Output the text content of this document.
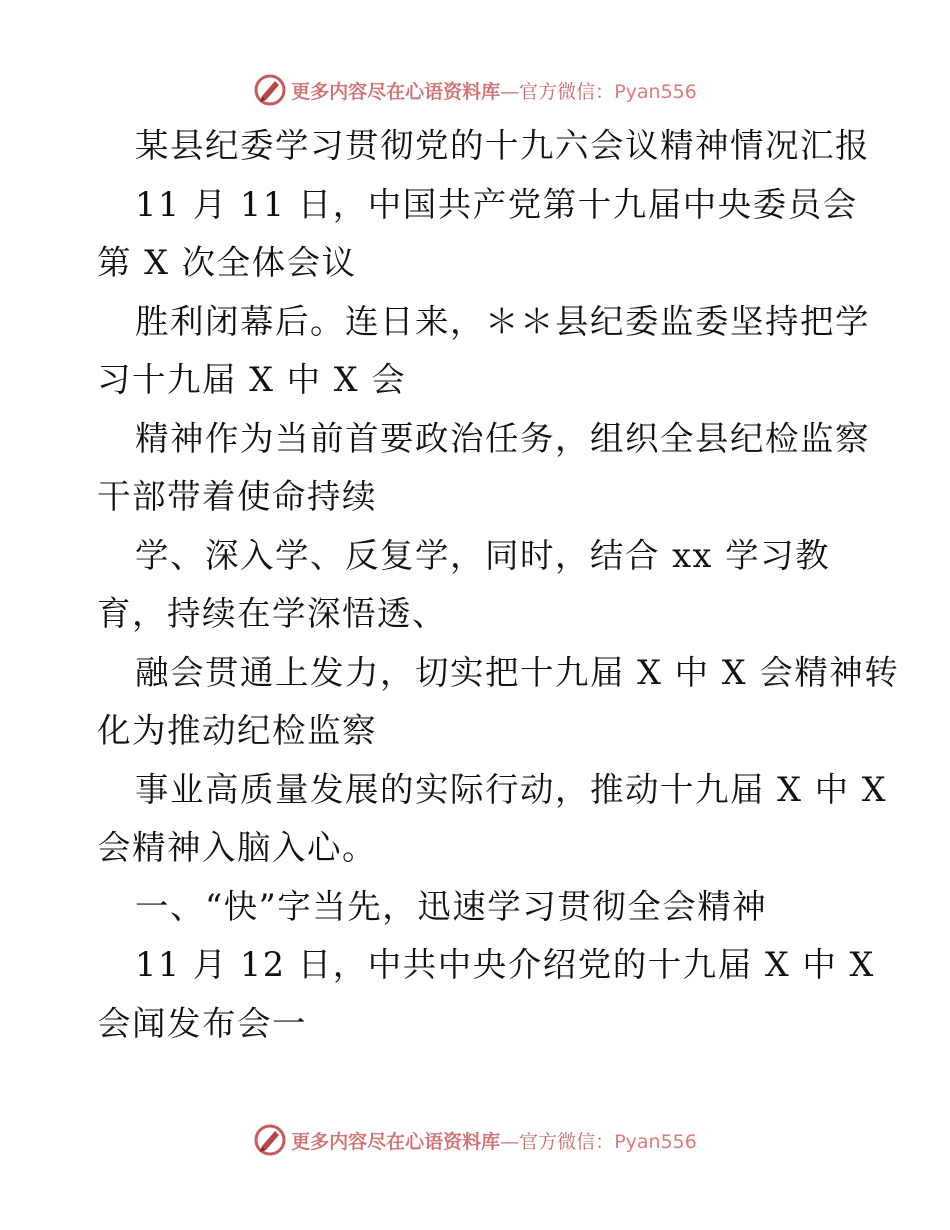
更多内容尽在心语资料库—官方微信：Pyan556
某县纪委学习贯彻党的十九六会议精神情况汇报
11 月 11 日，中国共产党第十九届中央委员会
第 X 次全体会议
胜利闭幕后。连日来，＊＊县纪委监委坚持把学
习十九届 X 中 X 会
精神作为当前首要政治任务，组织全县纪检监察
干部带着使命持续
学、深入学、反复学，同时，结合 xx 学习教
育，持续在学深悟透、
融会贯通上发力，切实把十九届 X 中 X 会精神转
化为推动纪检监察
事业高质量发展的实际行动，推动十九届 X 中 X
会精神入脑入心。
一、“快”字当先，迅速学习贯彻全会精神
11 月 12 日，中共中央介绍党的十九届 X 中 X
会闻发布会一
更多内容尽在心语资料库—官方微信：Pyan556
